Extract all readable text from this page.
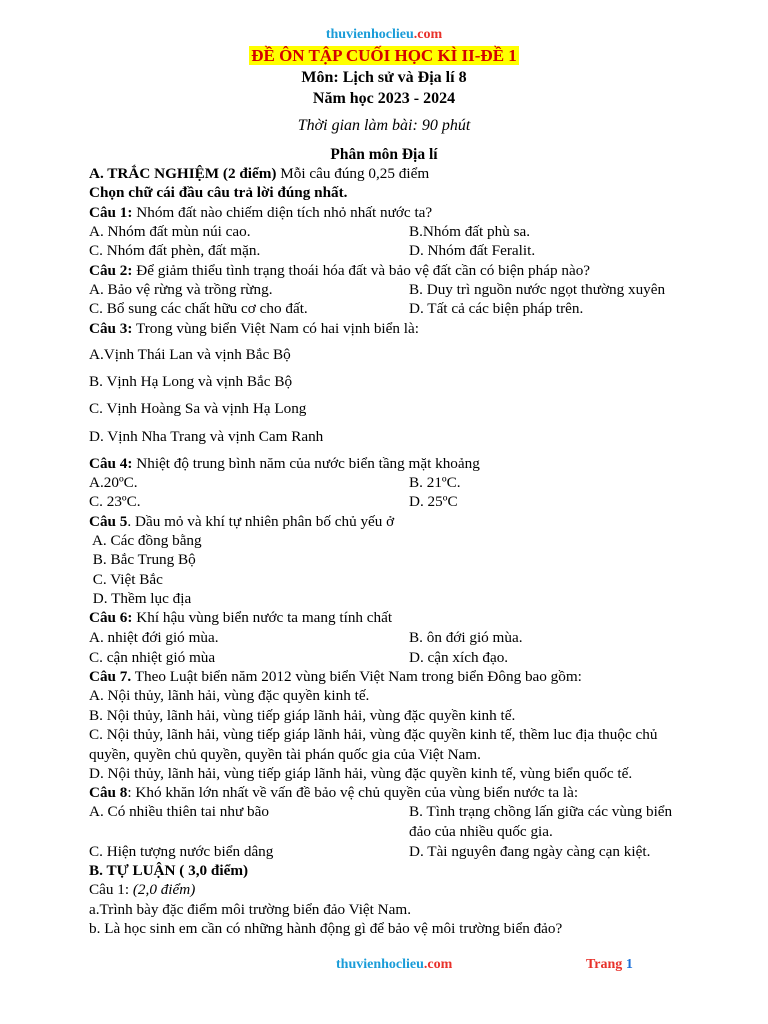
thuvienhoclieu.com
ĐỀ ÔN TẬP CUỐI HỌC KÌ II-ĐỀ 1
Môn: Lịch sử và Địa lí 8
Năm học 2023 - 2024
Thời gian làm bài: 90 phút
Phân môn Địa lí
A. TRẮC NGHIỆM (2 điểm) Mỗi câu đúng 0,25 điểm
Chọn chữ cái đầu câu trả lời đúng nhất.
Câu 1: Nhóm đất nào chiếm diện tích nhỏ nhất nước ta?
A. Nhóm đất mùn núi cao.	B.Nhóm đất phù sa.
C. Nhóm đất phèn, đất mặn.	D. Nhóm đất Feralit.
Câu 2: Để giảm thiểu tình trạng thoái hóa đất và bảo vệ đất cần có biện pháp nào?
A. Bảo vệ rừng và trồng rừng.	B. Duy trì nguồn nước ngọt thường xuyên
C. Bổ sung các chất hữu cơ cho đất.	D. Tất cả các biện pháp trên.
Câu 3: Trong vùng biển Việt Nam có hai vịnh biển là:
A.Vịnh Thái Lan và vịnh Bắc Bộ
B. Vịnh Hạ Long và vịnh Bắc Bộ
C. Vịnh Hoàng Sa và vịnh Hạ Long
D. Vịnh Nha Trang và vịnh Cam Ranh
Câu 4: Nhiệt độ trung bình năm của nước biển tầng mặt khoảng
A.20ºC.	B. 21ºC.
C. 23ºC.	D. 25ºC
Câu 5. Dầu mỏ và khí tự nhiên phân bố chủ yếu ở
A. Các đồng bằng
B. Bắc Trung Bộ
C. Việt Bắc
D. Thềm lục địa
Câu 6: Khí hậu vùng biển nước ta mang tính chất
A. nhiệt đới gió mùa.	B. ôn đới gió mùa.
C. cận nhiệt gió mùa	D. cận xích đạo.
Câu 7. Theo Luật biển năm 2012 vùng biển Việt Nam trong biển Đông bao gồm:
A. Nội thủy, lãnh hải, vùng đặc quyền kinh tế.
B. Nội thủy, lãnh hải, vùng tiếp giáp lãnh hải, vùng đặc quyền kinh tế.
C. Nội thủy, lãnh hải, vùng tiếp giáp lãnh hải, vùng đặc quyền kinh tế, thềm luc địa thuộc chủ
quyền, quyền chủ quyền, quyền tài phán quốc gia của Việt Nam.
D. Nội thủy, lãnh hải, vùng tiếp giáp lãnh hải, vùng đặc quyền kinh tế, vùng biển quốc tế.
Câu 8: Khó khăn lớn nhất về vấn đề bảo vệ chủ quyền của vùng biển nước ta là:
A. Có nhiều thiên tai như bão	B. Tình trạng chồng lấn giữa các vùng biển
đảo của nhiều quốc gia.
C. Hiện tượng nước biển dâng	D. Tài nguyên đang ngày càng cạn kiệt.
B. TỰ LUẬN ( 3,0 điểm)
Câu 1: (2,0 điểm)
a.Trình bày đặc điểm môi trường biển đảo Việt Nam.
b. Là học sinh em cần có những hành động gì để bảo vệ môi trường biển đảo?
thuvienhoclieu.com	Trang 1
